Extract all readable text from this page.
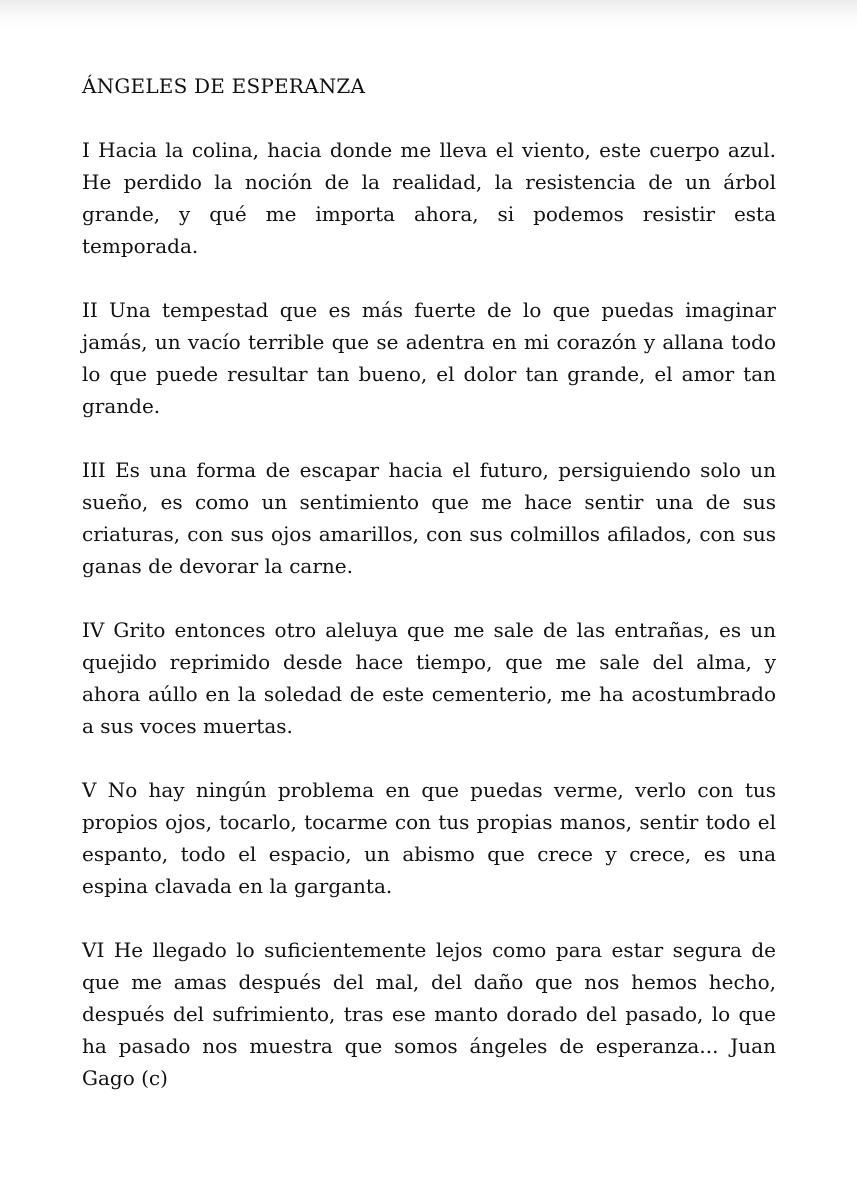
ÁNGELES DE ESPERANZA

I Hacia la colina, hacia donde me lleva el viento, este cuerpo azul. He perdido la noción de la realidad, la resistencia de un árbol grande, y qué me importa ahora, si podemos resistir esta temporada.

II Una tempestad que es más fuerte de lo que puedas imaginar jamás, un vacío terrible que se adentra en mi corazón y allana todo lo que puede resultar tan bueno, el dolor tan grande, el amor tan grande.

III Es una forma de escapar hacia el futuro, persiguiendo solo un sueño, es como un sentimiento que me hace sentir una de sus criaturas, con sus ojos amarillos, con sus colmillos afilados, con sus ganas de devorar la carne.

IV Grito entonces otro aleluya que me sale de las entrañas, es un quejido reprimido desde hace tiempo, que me sale del alma, y ahora aúllo en la soledad de este cementerio, me ha acostumbrado a sus voces muertas.

V No hay ningún problema en que puedas verme, verlo con tus propios ojos, tocarlo, tocarme con tus propias manos, sentir todo el espanto, todo el espacio, un abismo que crece y crece, es una espina clavada en la garganta.

VI He llegado lo suficientemente lejos como para estar segura de que me amas después del mal, del daño que nos hemos hecho, después del sufrimiento, tras ese manto dorado del pasado, lo que ha pasado nos muestra que somos ángeles de esperanza... Juan Gago (c)
